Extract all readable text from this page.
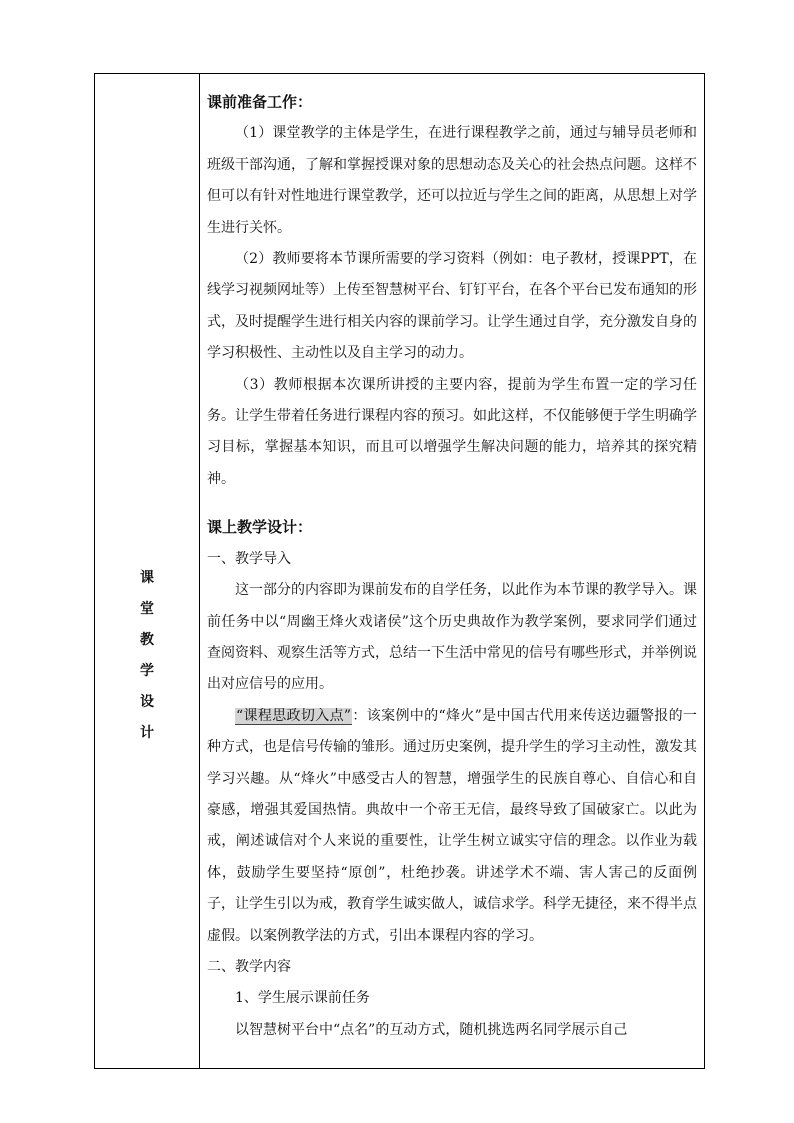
课
堂
教
学
设
计
课前准备工作：

（1）课堂教学的主体是学生，在进行课程教学之前，通过与辅导员老师和班级干部沟通，了解和掌握授课对象的思想动态及关心的社会热点问题。这样不但可以有针对性地进行课堂教学，还可以拉近与学生之间的距离，从思想上对学生进行关怀。

（2）教师要将本节课所需要的学习资料（例如：电子教材，授课PPT，在线学习视频网址等）上传至智慧树平台、钉钉平台，在各个平台已发布通知的形式，及时提醒学生进行相关内容的课前学习。让学生通过自学，充分激发自身的学习积极性、主动性以及自主学习的动力。

（3）教师根据本次课所讲授的主要内容，提前为学生布置一定的学习任务。让学生带着任务进行课程内容的预习。如此这样，不仅能够便于学生明确学习目标，掌握基本知识，而且可以增强学生解决问题的能力，培养其的探究精神。

课上教学设计：

一、教学导入

这一部分的内容即为课前发布的自学任务，以此作为本节课的教学导入。课前任务中以“周幽王烽火戏诸侯”这个历史典故作为教学案例，要求同学们通过查阅资料、观察生活等方式，总结一下生活中常见的信号有哪些形式，并举例说出对应信号的应用。

“课程思政切入点”：该案例中的“烽火”是中国古代用来传送边疆警报的一种方式，也是信号传输的雏形。通过历史案例，提升学生的学习主动性，激发其学习兴趣。从“烽火”中感受古人的智慧，增强学生的民族自尊心、自信心和自豪感，增强其爱国热情。典故中一个帝王无信，最终导致了国破家亡。以此为戒，阐述诚信对个人来说的重要性，让学生树立诚实守信的理念。以作业为载体，鼓励学生要坚持“原创”，杜绝抄袭。讲述学术不端、害人害己的反面例子，让学生引以为戒，教育学生诚实做人，诚信求学。科学无捷径，来不得半点虚假。以案例教学法的方式，引出本课程内容的学习。

二、教学内容

1、学生展示课前任务

以智慧树平台中“点名”的互动方式，随机挑选两名同学展示自己
